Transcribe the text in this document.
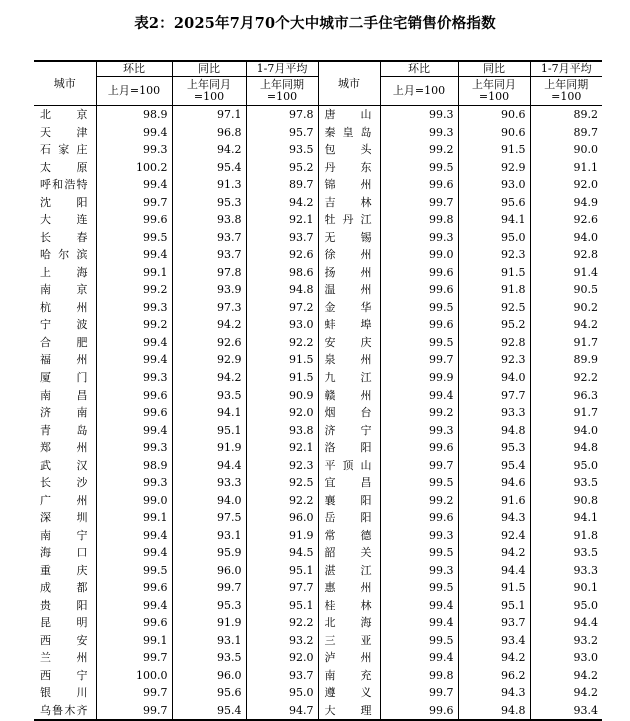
表2：2025年7月70个大中城市二手住宅销售价格指数
城市	环比	同比	1-7月平均	城市	环比	同比	1-7月平均
	上月=100	上年同月=100	上年同期=100		上月=100	上年同月=100	上年同期=100
北京	98.9	97.1	97.8	唐山	99.3	90.6	89.2
天津	99.4	96.8	95.7	秦皇岛	99.3	90.6	89.7
石家庄	99.3	94.2	93.5	包头	99.2	91.5	90.0
太原	100.2	95.4	95.2	丹东	99.5	92.9	91.1
呼和浩特	99.4	91.3	89.7	锦州	99.6	93.0	92.0
沈阳	99.7	95.3	94.2	吉林	99.7	95.6	94.9
大连	99.6	93.8	92.1	牡丹江	99.8	94.1	92.6
长春	99.5	93.7	93.7	无锡	99.3	95.0	94.0
哈尔滨	99.4	93.7	92.6	徐州	99.0	92.3	92.8
上海	99.1	97.8	98.6	扬州	99.6	91.5	91.4
南京	99.2	93.9	94.8	温州	99.6	91.8	90.5
杭州	99.3	97.3	97.2	金华	99.5	92.5	90.2
宁波	99.2	94.2	93.0	蚌埠	99.6	95.2	94.2
合肥	99.4	92.6	92.2	安庆	99.5	92.8	91.7
福州	99.4	92.9	91.5	泉州	99.7	92.3	89.9
厦门	99.3	94.2	91.5	九江	99.9	94.0	92.2
南昌	99.6	93.5	90.9	赣州	99.4	97.7	96.3
济南	99.6	94.1	92.0	烟台	99.2	93.3	91.7
青岛	99.4	95.1	93.8	济宁	99.3	94.8	94.0
郑州	99.3	91.9	92.1	洛阳	99.6	95.3	94.8
武汉	98.9	94.4	92.3	平顶山	99.7	95.4	95.0
长沙	99.3	93.3	92.5	宜昌	99.5	94.6	93.5
广州	99.0	94.0	92.2	襄阳	99.2	91.6	90.8
深圳	99.1	97.5	96.0	岳阳	99.6	94.3	94.1
南宁	99.4	93.1	91.9	常德	99.3	92.4	91.8
海口	99.4	95.9	94.5	韶关	99.5	94.2	93.5
重庆	99.5	96.0	95.1	湛江	99.3	94.4	93.3
成都	99.6	99.7	97.7	惠州	99.5	91.5	90.1
贵阳	99.4	95.3	95.1	桂林	99.4	95.1	95.0
昆明	99.6	91.9	92.2	北海	99.4	93.7	94.4
西安	99.1	93.1	93.2	三亚	99.5	93.4	93.2
兰州	99.7	93.5	92.0	泸州	99.4	94.2	93.0
西宁	100.0	96.0	93.7	南充	99.8	96.2	94.2
银川	99.7	95.6	95.0	遵义	99.7	94.3	94.2
乌鲁木齐	99.7	95.4	94.7	大理	99.6	94.8	93.4
